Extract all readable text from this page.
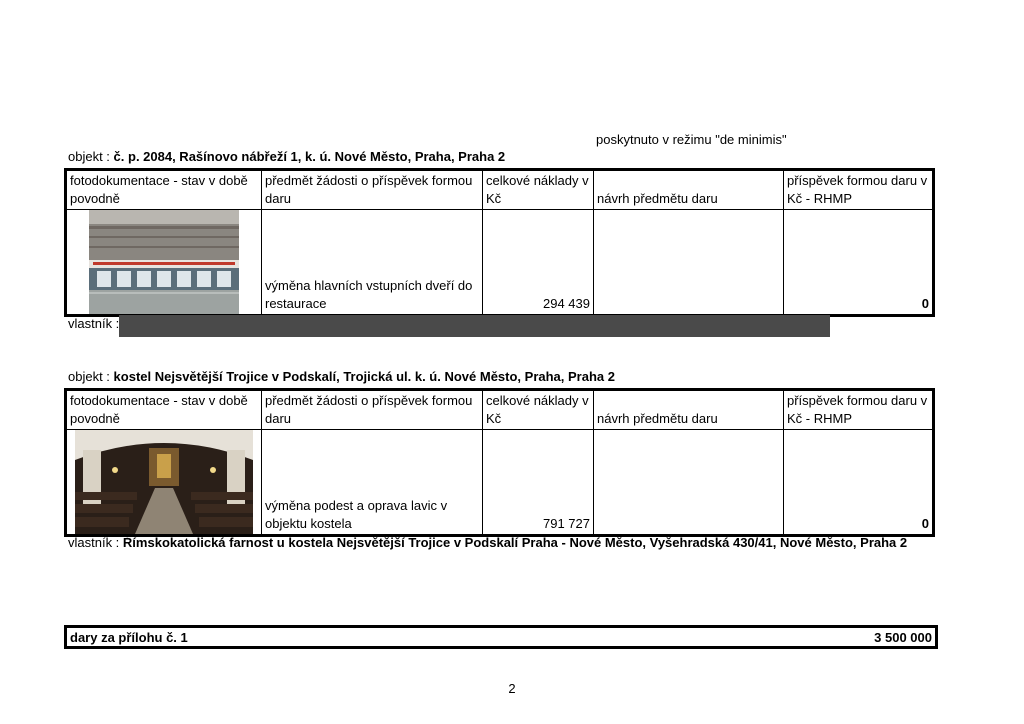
poskytnuto v režimu "de minimis"
objekt : č. p. 2084, Rašínovo nábřeží 1, k. ú. Nové Město, Praha, Praha 2
fotodokumentace - stav v době povodně	předmět žádosti o příspěvek formou daru	celkové náklady v Kč	návrh předmětu daru	příspěvek formou daru v Kč - RHMP

	výměna hlavních vstupních dveří do restaurace	294 439		0
vlastník :
objekt : kostel Nejsvětější Trojice v Podskalí, Trojická ul. k. ú. Nové Město, Praha, Praha 2
fotodokumentace - stav v době povodně	předmět žádosti o příspěvek formou daru	celkové náklady v Kč	návrh předmětu daru	příspěvek formou daru v Kč - RHMP

	výměna podest a oprava lavic v objektu kostela	791 727		0
vlastník : Římskokatolická farnost u kostela Nejsvětější Trojice v Podskalí Praha - Nové Město, Vyšehradská 430/41, Nové Město, Praha 2
dary za přílohu č. 1	3 500 000
2
